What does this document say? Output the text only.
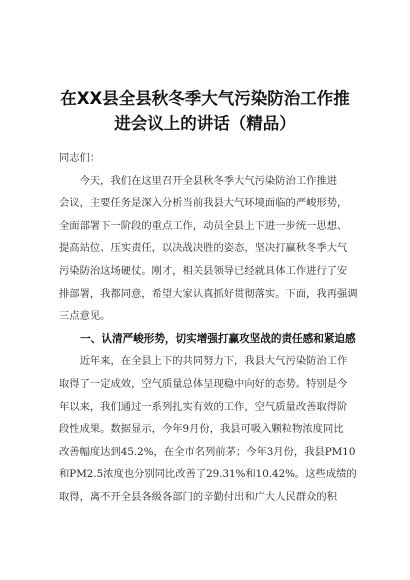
在XX县全县秋冬季大气污染防治工作推
进会议上的讲话（精品）
同志们：
　　今天，我们在这里召开全县秋冬季大气污染防治工作推进
会议，主要任务是深入分析当前我县大气环境面临的严峻形势，
全面部署下一阶段的重点工作，动员全县上下进一步统一思想、
提高站位、压实责任，以决战决胜的姿态，坚决打赢秋冬季大气
污染防治这场硬仗。刚才，相关县领导已经就具体工作进行了安
排部署，我都同意，希望大家认真抓好贯彻落实。下面，我再强调
三点意见。
　　一、认清严峻形势，切实增强打赢攻坚战的责任感和紧迫感
　　近年来，在全县上下的共同努力下，我县大气污染防治工作
取得了一定成效，空气质量总体呈现稳中向好的态势。特别是今
年以来，我们通过一系列扎实有效的工作，空气质量改善取得阶
段性成果。数据显示，今年9月份，我县可吸入颗粒物浓度同比
改善幅度达到45.2%，在全市名列前茅；今年3月份，我县PM10
和PM2.5浓度也分别同比改善了29.31%和10.42%。这些成绩的
取得，离不开全县各级各部门的辛勤付出和广大人民群众的积
